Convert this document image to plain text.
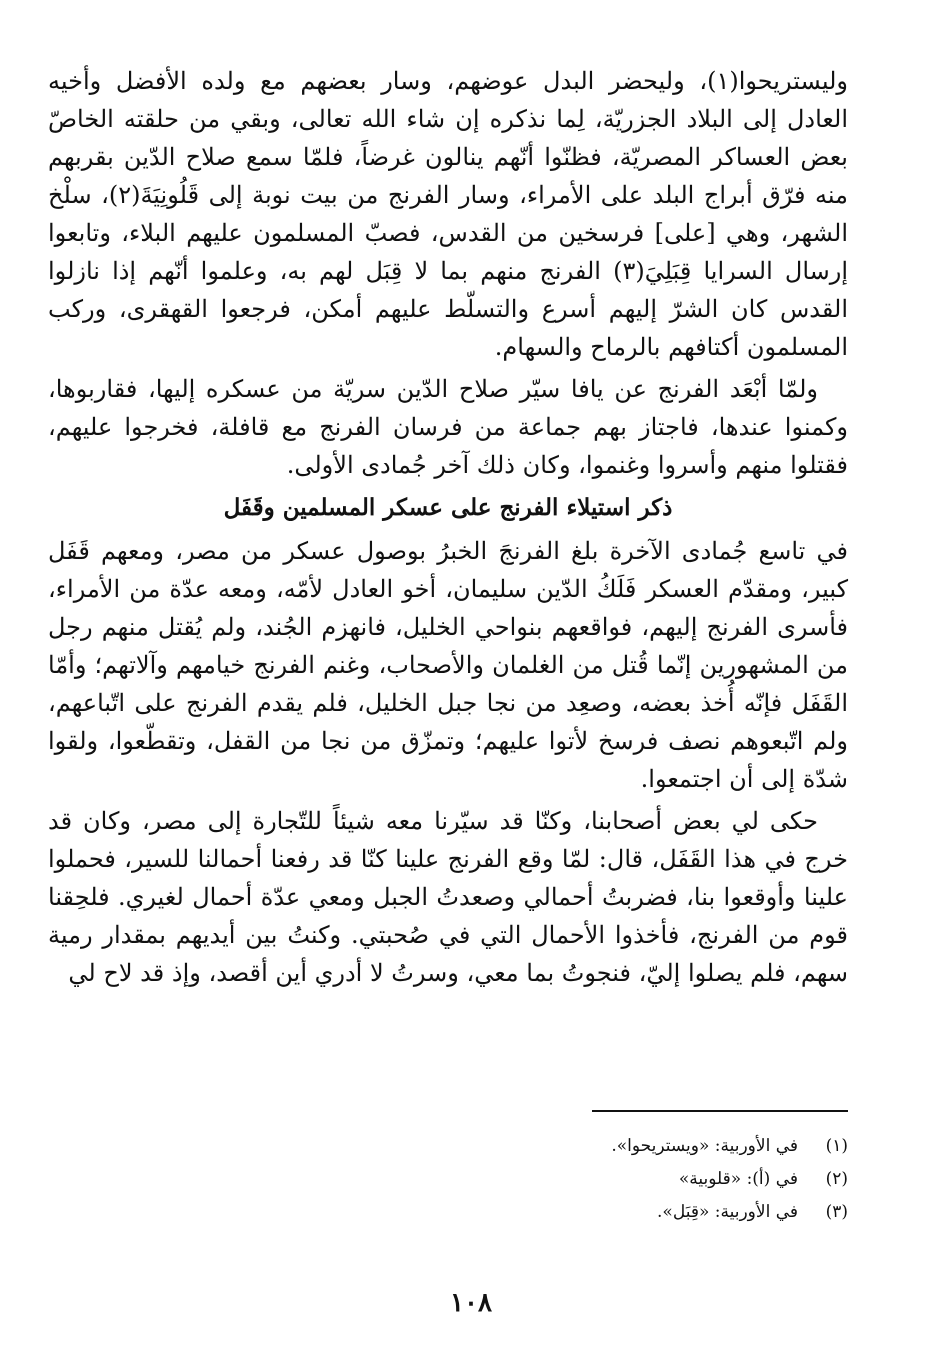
وليستريحوا(١)، وليحضر البدل عوضهم، وسار بعضهم مع ولده الأفضل وأخيه العادل إلى البلاد الجزريّة، لِما نذكره إن شاء الله تعالى، وبقي من حلقته الخاصّ بعض العساكر المصريّة، فظنّوا أنّهم ينالون غرضاً، فلمّا سمع صلاح الدّين بقربهم منه فرّق أبراج البلد على الأمراء، وسار الفرنج من بيت نوبة إلى قَلُونِيَةَ(٢)، سلْخ الشهر، وهي [على] فرسخين من القدس، فصبّ المسلمون عليهم البلاء، وتابعوا إرسال السرايا قِبَلِيَ(٣) الفرنج منهم بما لا قِبَل لهم به، وعلموا أنّهم إذا نازلوا القدس كان الشرّ إليهم أسرع والتسلّط عليهم أمكن، فرجعوا القهقرى، وركب المسلمون أكتافهم بالرماح والسهام.

ولمّا أبْعَد الفرنج عن يافا سيّر صلاح الدّين سريّة من عسكره إليها، فقاربوها، وكمنوا عندها، فاجتاز بهم جماعة من فرسان الفرنج مع قافلة، فخرجوا عليهم، فقتلوا منهم وأسروا وغنموا، وكان ذلك آخر جُمادى الأولى.

ذكر استيلاء الفرنج على عسكر المسلمين وقَفَل

في تاسع جُمادى الآخرة بلغ الفرنجَ الخبرُ بوصول عسكر من مصر، ومعهم قَفَل كبير، ومقدّم العسكر فَلَكُ الدّين سليمان، أخو العادل لأمّه، ومعه عدّة من الأمراء، فأسرى الفرنج إليهم، فواقعهم بنواحي الخليل، فانهزم الجُند، ولم يُقتل منهم رجل من المشهورين إنّما قُتل من الغلمان والأصحاب، وغنم الفرنج خيامهم وآلاتهم؛ وأمّا القَفَل فإنّه أُخذ بعضه، وصعِد من نجا جبل الخليل، فلم يقدم الفرنج على اتّباعهم، ولم اتّبعوهم نصف فرسخ لأتوا عليهم؛ وتمزّق من نجا من القفل، وتقطّعوا، ولقوا شدّة إلى أن اجتمعوا.

حكى لي بعض أصحابنا، وكنّا قد سيّرنا معه شيئاً للتّجارة إلى مصر، وكان قد خرج في هذا القَفَل، قال: لمّا وقع الفرنج علينا كنّا قد رفعنا أحمالنا للسير، فحملوا علينا وأوقعوا بنا، فضربتُ أحمالي وصعدتُ الجبل ومعي عدّة أحمال لغيري. فلحِقنا قوم من الفرنج، فأخذوا الأحمال التي في صُحبتي. وكنتُ بين أيديهم بمقدار رمية سهم، فلم يصلوا إليّ، فنجوتُ بما معي، وسرتُ لا أدري أين أقصد، وإذ قد لاح لي

(١)
في الأوربية: «ويستريحوا».
(٢)
في (أ): «قلوبية»
(٣)
في الأوربية: «قِبَل».
١٠٨
